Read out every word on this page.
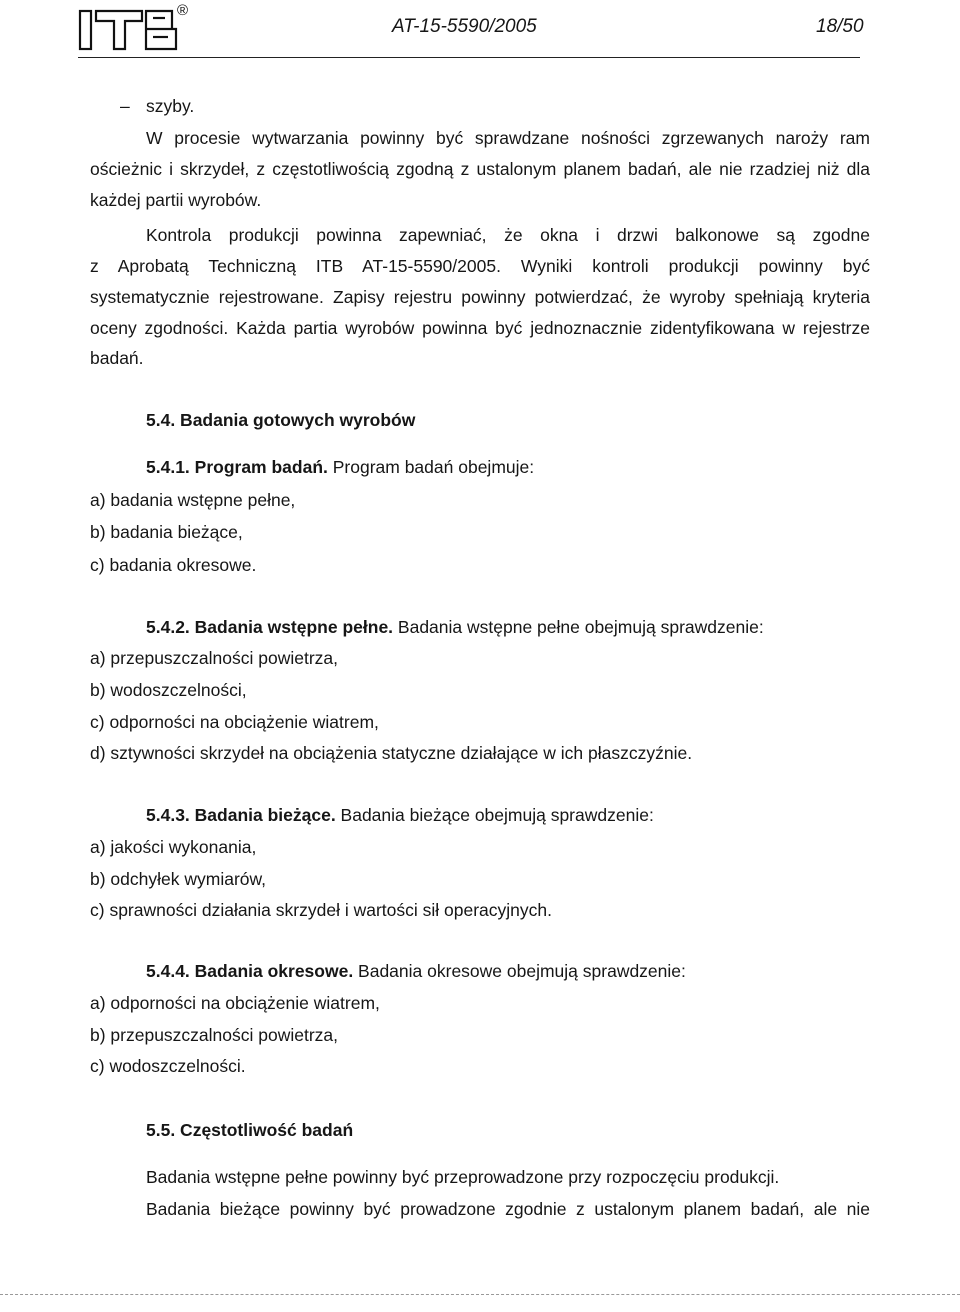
®

AT-15-5590/2005	18/50

– szyby.

W procesie wytwarzania powinny być sprawdzane nośności zgrzewanych naroży ram

ościeżnic i skrzydeł, z częstotliwością zgodną z ustalonym planem badań, ale nie rzadziej niż dla

każdej partii wyrobów.

Kontrola produkcji powinna zapewniać, że okna i drzwi balkonowe są zgodne

z Aprobatą Techniczną ITB AT-15-5590/2005. Wyniki kontroli produkcji powinny być

systematycznie rejestrowane. Zapisy rejestru powinny potwierdzać, że wyroby spełniają kryteria

oceny zgodności. Każda partia wyrobów powinna być jednoznacznie zidentyfikowana w rejestrze

badań.

5.4. Badania gotowych wyrobów

5.4.1. Program badań. Program badań obejmuje:

a) badania wstępne pełne,

b) badania bieżące,

c) badania okresowe.

5.4.2. Badania wstępne pełne. Badania wstępne pełne obejmują sprawdzenie:

a) przepuszczalności powietrza,

b) wodoszczelności,

c) odporności na obciążenie wiatrem,

d) sztywności skrzydeł na obciążenia statyczne działające w ich płaszczyźnie.

5.4.3. Badania bieżące. Badania bieżące obejmują sprawdzenie:

a) jakości wykonania,

b) odchyłek wymiarów,

c) sprawności działania skrzydeł i wartości sił operacyjnych.

5.4.4. Badania okresowe. Badania okresowe obejmują sprawdzenie:

a) odporności na obciążenie wiatrem,

b) przepuszczalności powietrza,

c) wodoszczelności.

5.5. Częstotliwość badań

Badania wstępne pełne powinny być przeprowadzone przy rozpoczęciu produkcji.

Badania bieżące powinny być prowadzone zgodnie z ustalonym planem badań, ale nie
